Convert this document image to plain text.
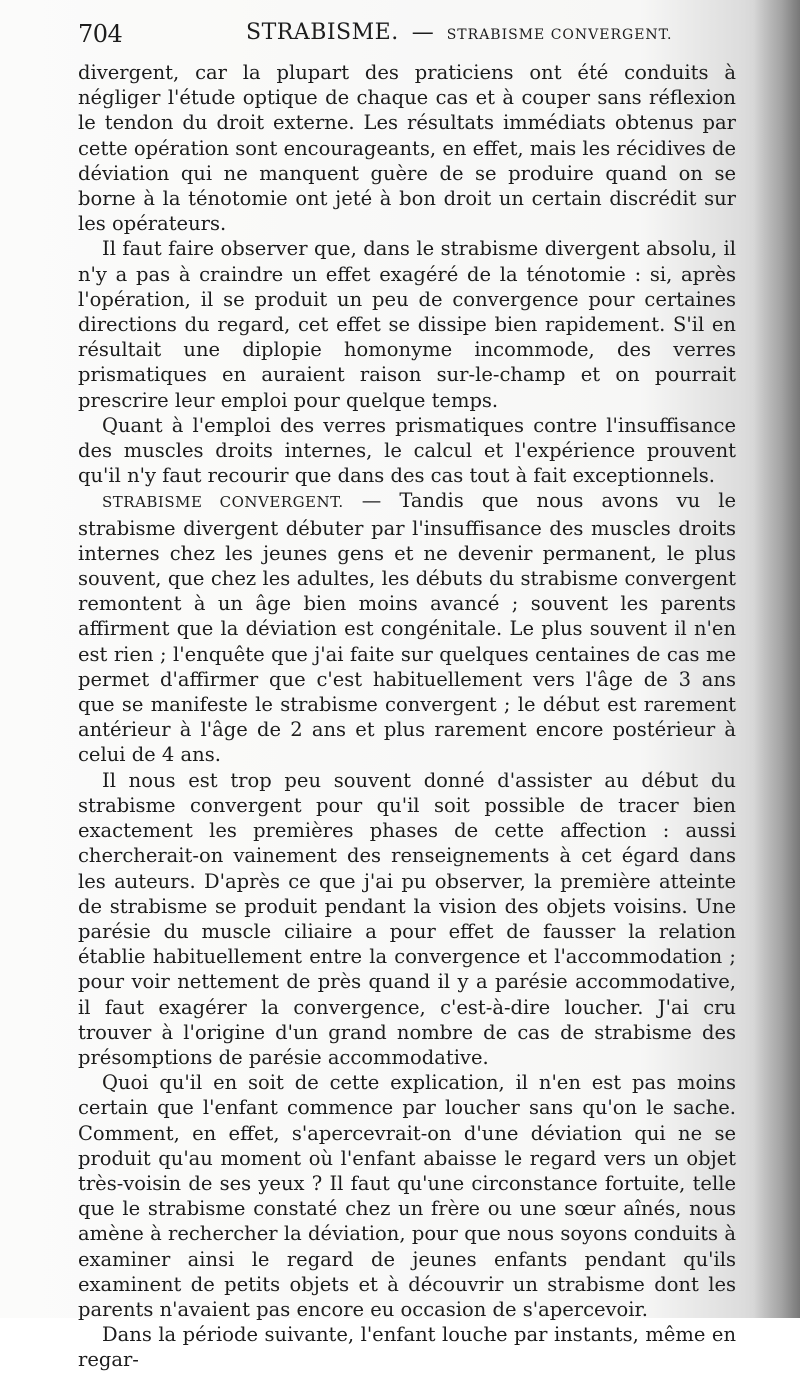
704	STRABISME. — STRABISME CONVERGENT.

divergent, car la plupart des praticiens ont été conduits à négliger l'étude optique de chaque cas et à couper sans réflexion le tendon du droit externe. Les résultats immédiats obtenus par cette opération sont encourageants, en effet, mais les récidives de déviation qui ne manquent guère de se produire quand on se borne à la ténotomie ont jeté à bon droit un certain discrédit sur les opérateurs.

Il faut faire observer que, dans le strabisme divergent absolu, il n'y a pas à craindre un effet exagéré de la ténotomie : si, après l'opération, il se produit un peu de convergence pour certaines directions du regard, cet effet se dissipe bien rapidement. S'il en résultait une diplopie homonyme incommode, des verres prismatiques en auraient raison sur-le-champ et on pourrait prescrire leur emploi pour quelque temps.

Quant à l'emploi des verres prismatiques contre l'insuffisance des muscles droits internes, le calcul et l'expérience prouvent qu'il n'y faut recourir que dans des cas tout à fait exceptionnels.

STRABISME CONVERGENT. — Tandis que nous avons vu le strabisme divergent débuter par l'insuffisance des muscles droits internes chez les jeunes gens et ne devenir permanent, le plus souvent, que chez les adultes, les débuts du strabisme convergent remontent à un âge bien moins avancé ; souvent les parents affirment que la déviation est congénitale. Le plus souvent il n'en est rien ; l'enquête que j'ai faite sur quelques centaines de cas me permet d'affirmer que c'est habituellement vers l'âge de 3 ans que se manifeste le strabisme convergent ; le début est rarement antérieur à l'âge de 2 ans et plus rarement encore postérieur à celui de 4 ans.

Il nous est trop peu souvent donné d'assister au début du strabisme convergent pour qu'il soit possible de tracer bien exactement les premières phases de cette affection : aussi chercherait-on vainement des renseignements à cet égard dans les auteurs. D'après ce que j'ai pu observer, la première atteinte de strabisme se produit pendant la vision des objets voisins. Une parésie du muscle ciliaire a pour effet de fausser la relation établie habituellement entre la convergence et l'accommodation ; pour voir nettement de près quand il y a parésie accommodative, il faut exagérer la convergence, c'est-à-dire loucher. J'ai cru trouver à l'origine d'un grand nombre de cas de strabisme des présomptions de parésie accommodative.

Quoi qu'il en soit de cette explication, il n'en est pas moins certain que l'enfant commence par loucher sans qu'on le sache. Comment, en effet, s'apercevrait-on d'une déviation qui ne se produit qu'au moment où l'enfant abaisse le regard vers un objet très-voisin de ses yeux ? Il faut qu'une circonstance fortuite, telle que le strabisme constaté chez un frère ou une sœur aînés, nous amène à rechercher la déviation, pour que nous soyons conduits à examiner ainsi le regard de jeunes enfants pendant qu'ils examinent de petits objets et à découvrir un strabisme dont les parents n'avaient pas encore eu occasion de s'apercevoir.

Dans la période suivante, l'enfant louche par instants, même en regar-
